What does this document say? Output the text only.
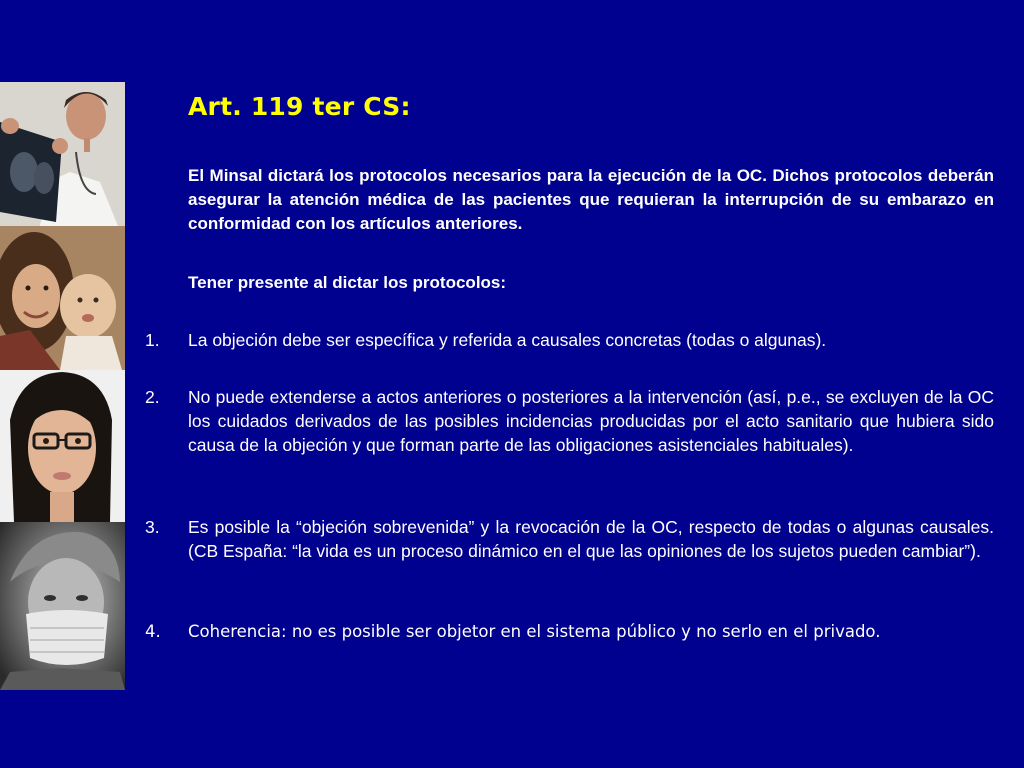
Art. 119 ter CS:
El Minsal dictará los protocolos necesarios para la ejecución de la OC. Dichos protocolos deberán asegurar la atención médica de las pacientes que requieran la interrupción de su embarazo en conformidad con los artículos anteriores.
Tener presente al dictar los protocolos:
1.	La objeción debe ser específica y referida a causales concretas (todas o algunas).
2.	No puede extenderse a actos anteriores o posteriores a la intervención (así, p.e., se excluyen de la OC los cuidados derivados de las posibles incidencias producidas por el acto sanitario que hubiera sido causa de la objeción y que forman parte de las obligaciones asistenciales habituales).
3.	Es posible la “objeción sobrevenida” y la revocación de la OC, respecto de todas o algunas causales. (CB España: “la vida es un proceso dinámico en el que las opiniones de los sujetos pueden cambiar”).
4.	Coherencia: no es posible ser objetor en el sistema público y no serlo en el privado.
